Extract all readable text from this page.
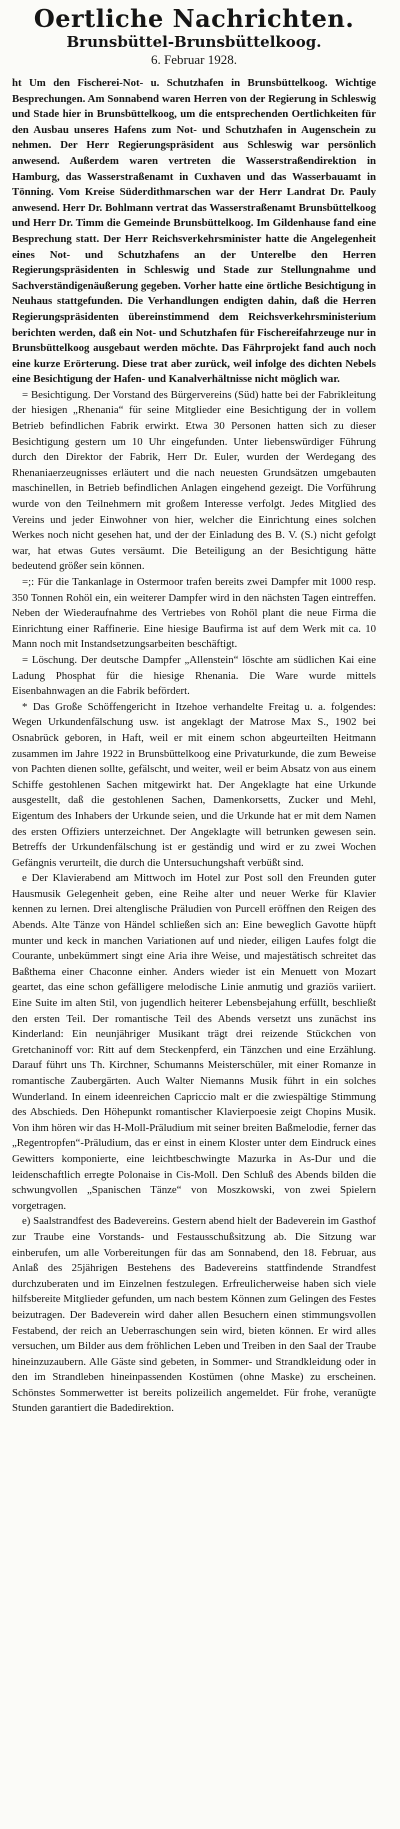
Oertliche Nachrichten.
Brunsbüttel-Brunsbüttelkoog.
6. Februar 1928.

ht Um den Fischerei-Not- u. Schutzhafen in Brunsbüttelkoog. Wichtige Besprechungen. Am Sonnabend waren Herren von der Regierung in Schleswig und Stade hier in Brunsbüttelkoog, um die entsprechenden Oertlichkeiten für den Ausbau unseres Hafens zum Not- und Schutzhafen in Augenschein zu nehmen. Der Herr Regierungspräsident aus Schleswig war persönlich anwesend. Außerdem waren vertreten die Wasserstraßendirektion in Hamburg, das Wasserstraßenamt in Cuxhaven und das Wasserbauamt in Tönning. Vom Kreise Süderdithmarschen war der Herr Landrat Dr. Pauly anwesend. Herr Dr. Bohlmann vertrat das Wasserstraßenamt Brunsbüttelkoog und Herr Dr. Timm die Gemeinde Brunsbüttelkoog. Im Gildenhause fand eine Besprechung statt. Der Herr Reichsverkehrsminister hatte die Angelegenheit eines Not- und Schutzhafens an der Unterelbe den Herren Regierungspräsidenten in Schleswig und Stade zur Stellungnahme und Sachverständigenäußerung gegeben. Vorher hatte eine örtliche Besichtigung in Neuhaus stattgefunden. Die Verhandlungen endigten dahin, daß die Herren Regierungspräsidenten übereinstimmend dem Reichsverkehrsministerium berichten werden, daß ein Not- und Schutzhafen für Fischereifahrzeuge nur in Brunsbüttelkoog ausgebaut werden möchte. Das Fährprojekt fand auch noch eine kurze Erörterung. Diese trat aber zurück, weil infolge des dichten Nebels eine Besichtigung der Hafen- und Kanalverhältnisse nicht möglich war.

= Besichtigung. Der Vorstand des Bürgervereins (Süd) hatte bei der Fabrikleitung der hiesigen „Rhenania“ für seine Mitglieder eine Besichtigung der in vollem Betrieb befindlichen Fabrik erwirkt. Etwa 30 Personen hatten sich zu dieser Besichtigung gestern um 10 Uhr eingefunden. Unter liebenswürdiger Führung durch den Direktor der Fabrik, Herr Dr. Euler, wurden der Werdegang des Rhenaniaerzeugnisses erläutert und die nach neuesten Grundsätzen umgebauten maschinellen, in Betrieb befindlichen Anlagen eingehend gezeigt. Die Vorführung wurde von den Teilnehmern mit großem Interesse verfolgt. Jedes Mitglied des Vereins und jeder Einwohner von hier, welcher die Einrichtung eines solchen Werkes noch nicht gesehen hat, und der der Einladung des B. V. (S.) nicht gefolgt war, hat etwas Gutes versäumt. Die Beteiligung an der Besichtigung hätte bedeutend größer sein können.

=;: Für die Tankanlage in Ostermoor trafen bereits zwei Dampfer mit 1000 resp. 350 Tonnen Rohöl ein, ein weiterer Dampfer wird in den nächsten Tagen eintreffen. Neben der Wiederaufnahme des Vertriebes von Rohöl plant die neue Firma die Einrichtung einer Raffinerie. Eine hiesige Baufirma ist auf dem Werk mit ca. 10 Mann noch mit Instandsetzungsarbeiten beschäftigt.

= Löschung. Der deutsche Dampfer „Allenstein“ löschte am südlichen Kai eine Ladung Phosphat für die hiesige Rhenania. Die Ware wurde mittels Eisenbahnwagen an die Fabrik befördert.

* Das Große Schöffengericht in Itzehoe verhandelte Freitag u. a. folgendes: Wegen Urkundenfälschung usw. ist angeklagt der Matrose Max S., 1902 bei Osnabrück geboren, in Haft, weil er mit einem schon abgeurteilten Heitmann zusammen im Jahre 1922 in Brunsbüttelkoog eine Privaturkunde, die zum Beweise von Pachten dienen sollte, gefälscht, und weiter, weil er beim Absatz von aus einem Schiffe gestohlenen Sachen mitgewirkt hat. Der Angeklagte hat eine Urkunde ausgestellt, daß die gestohlenen Sachen, Damenkorsetts, Zucker und Mehl, Eigentum des Inhabers der Urkunde seien, und die Urkunde hat er mit dem Namen des ersten Offiziers unterzeichnet. Der Angeklagte will betrunken gewesen sein. Betreffs der Urkundenfälschung ist er geständig und wird er zu zwei Wochen Gefängnis verurteilt, die durch die Untersuchungshaft verbüßt sind.

e Der Klavierabend am Mittwoch im Hotel zur Post soll den Freunden guter Hausmusik Gelegenheit geben, eine Reihe alter und neuer Werke für Klavier kennen zu lernen. Drei altenglische Präludien von Purcell eröffnen den Reigen des Abends. Alte Tänze von Händel schließen sich an: Eine beweglich Gavotte hüpft munter und keck in manchen Variationen auf und nieder, eiligen Laufes folgt die Courante, unbekümmert singt eine Aria ihre Weise, und majestätisch schreitet das Baßthema einer Chaconne einher. Anders wieder ist ein Menuett von Mozart geartet, das eine schon gefälligere melodische Linie anmutig und graziös variiert. Eine Suite im alten Stil, von jugendlich heiterer Lebensbejahung erfüllt, beschließt den ersten Teil. Der romantische Teil des Abends versetzt uns zunächst ins Kinderland: Ein neunjähriger Musikant trägt drei reizende Stückchen von Gretchaninoff vor: Ritt auf dem Steckenpferd, ein Tänzchen und eine Erzählung. Darauf führt uns Th. Kirchner, Schumanns Meisterschüler, mit einer Romanze in romantische Zaubergärten. Auch Walter Niemanns Musik führt in ein solches Wunderland. In einem ideenreichen Capriccio malt er die zwiespältige Stimmung des Abschieds. Den Höhepunkt romantischer Klavierpoesie zeigt Chopins Musik. Von ihm hören wir das H-Moll-Präludium mit seiner breiten Baßmelodie, ferner das „Regentropfen“-Präludium, das er einst in einem Kloster unter dem Eindruck eines Gewitters komponierte, eine leichtbeschwingte Mazurka in As-Dur und die leidenschaftlich erregte Polonaise in Cis-Moll. Den Schluß des Abends bilden die schwungvollen „Spanischen Tänze“ von Moszkowski, von zwei Spielern vorgetragen.

e) Saalstrandfest des Badevereins. Gestern abend hielt der Badeverein im Gasthof zur Traube eine Vorstands- und Festausschußsitzung ab. Die Sitzung war einberufen, um alle Vorbereitungen für das am Sonnabend, den 18. Februar, aus Anlaß des 25jährigen Bestehens des Badevereins stattfindende Strandfest durchzuberaten und im Einzelnen festzulegen. Erfreulicherweise haben sich viele hilfsbereite Mitglieder gefunden, um nach bestem Können zum Gelingen des Festes beizutragen. Der Badeverein wird daher allen Besuchern einen stimmungsvollen Festabend, der reich an Ueberraschungen sein wird, bieten können. Er wird alles versuchen, um Bilder aus dem fröhlichen Leben und Treiben in den Saal der Traube hineinzuzaubern. Alle Gäste sind gebeten, in Sommer- und Strandkleidung oder in den im Strandleben hineinpassenden Kostümen (ohne Maske) zu erscheinen. Schönstes Sommerwetter ist bereits polizeilich angemeldet. Für frohe, veranügte Stunden garantiert die Badedirektion.
